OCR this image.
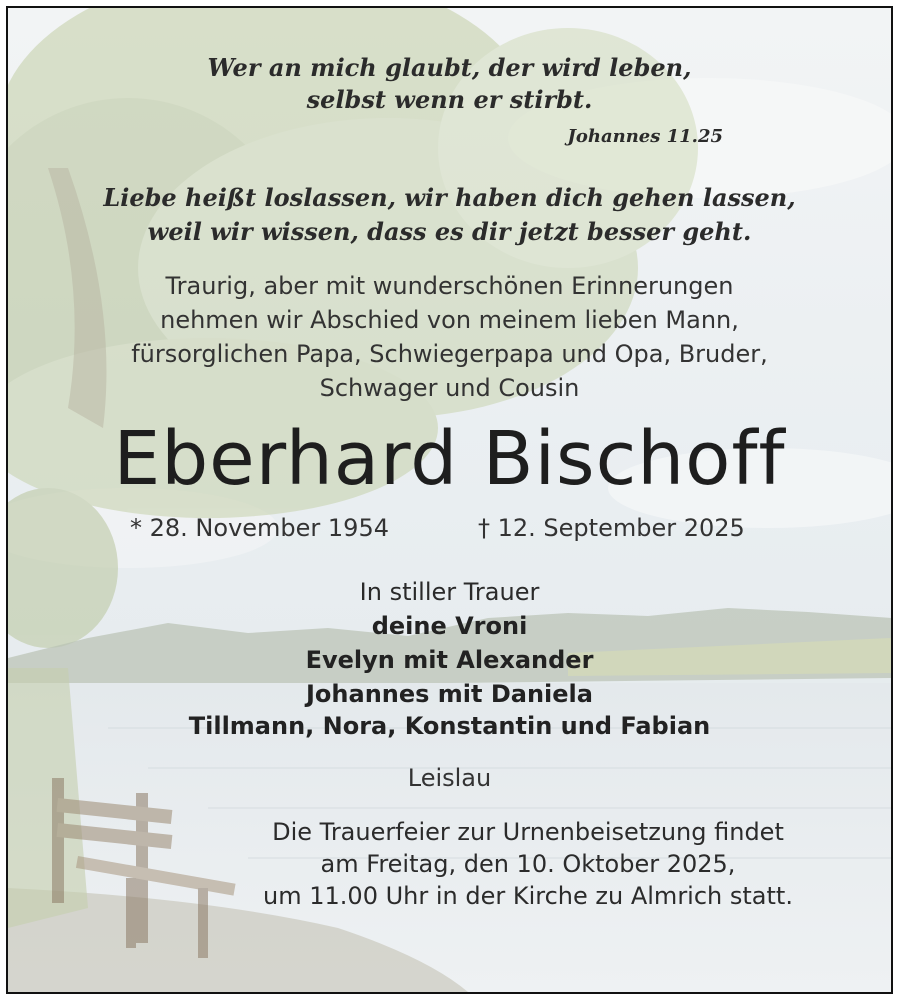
Wer an mich glaubt, der wird leben,
selbst wenn er stirbt.
Johannes 11.25
Liebe heißt loslassen, wir haben dich gehen lassen,
weil wir wissen, dass es dir jetzt besser geht.
Traurig, aber mit wunderschönen Erinnerungen
nehmen wir Abschied von meinem lieben Mann,
fürsorglichen Papa, Schwiegerpapa und Opa, Bruder,
Schwager und Cousin
Eberhard Bischoff
* 28. November 1954	† 12. September 2025
In stiller Trauer
deine Vroni
Evelyn mit Alexander
Johannes mit Daniela
Tillmann, Nora, Konstantin und Fabian
Leislau
Die Trauerfeier zur Urnenbeisetzung findet
am Freitag, den 10. Oktober 2025,
um 11.00 Uhr in der Kirche zu Almrich statt.
